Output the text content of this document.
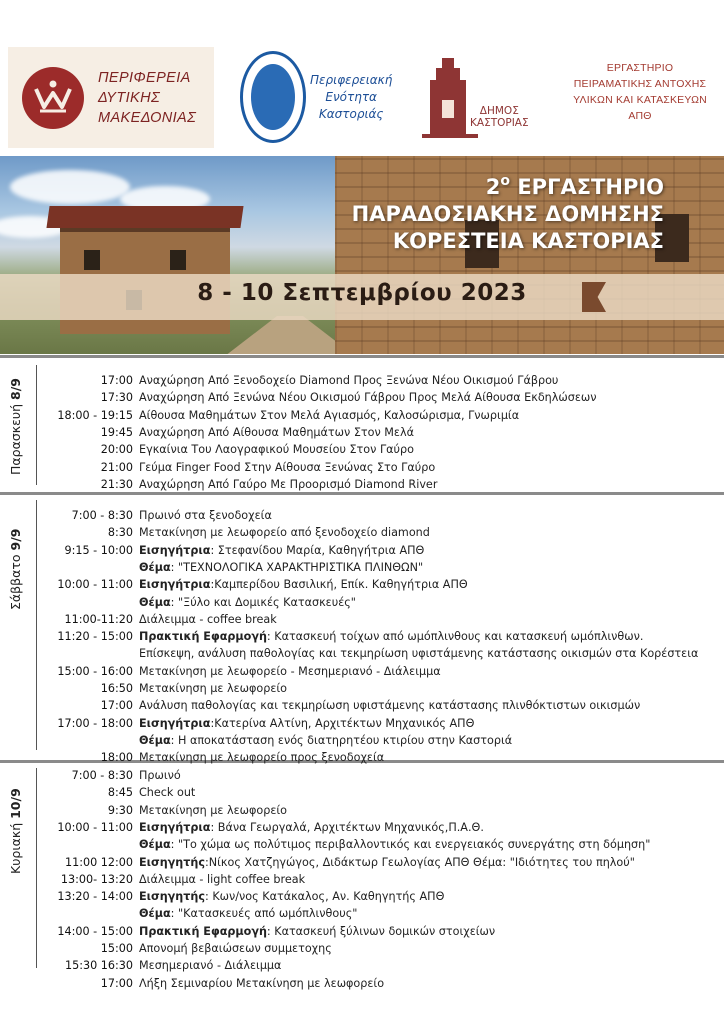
ΠΕΡΙΦΕΡΕΙΑ
ΔΥΤΙΚΗΣ
ΜΑΚΕΔΟΝΙΑΣ
Περιφερειακή
Ενότητα
Καστοριάς	ΔΗΜΟΣ
ΚΑΣΤΟΡΙΑΣ
ΕΡΓΑΣΤΗΡΙΟ
ΠΕΙΡΑΜΑΤΙΚΗΣ ΑΝΤΟΧΗΣ
ΥΛΙΚΩΝ ΚΑΙ ΚΑΤΑΣΚΕΥΩΝ
ΑΠΘ
$2^o$ ΕΡΓΑΣΤΗΡΙΟ
ΠΑΡΑΔΟΣΙΑΚΗΣ ΔΟΜΗΣΗΣ
ΚΟΡΕΣΤΕΙΑ ΚΑΣΤΟΡΙΑΣ
8 - 10 Σεπτεμβρίου 2023
Παρασκευή 8/9	17:00 Αναχώρηση Από Ξενοδοχείο Diamond Προς Ξενώνα Νέου Οικισμού Γάβρου
17:30 Αναχώρηση Από Ξενώνα Νέου Οικισμού Γάβρου Προς Μελά Αίθουσα Εκδηλώσεων
18:00 - 19:15 Αίθουσα Μαθημάτων Στον Μελά Αγιασμός, Καλοσώρισμα, Γνωριμία
19:45 Αναχώρηση Από Αίθουσα Μαθημάτων Στον Μελά
20:00 Εγκαίνια Του Λαογραφικού Μουσείου Στον Γαύρο
21:00 Γεύμα Finger Food Στην Αίθουσα Ξενώνας Στο Γαύρο
21:30 Αναχώρηση Από Γαύρο Με Προορισμό Diamond River
Σάββατο 9/9
7:00 - 8:30 Πρωινό στα ξενοδοχεία
8:30 Μετακίνηση με λεωφορείο από ξενοδοχείο diamond
9:15 - 10:00 Εισηγήτρια: Στεφανίδου Μαρία, Καθηγήτρια ΑΠΘ
Θέμα: "ΤΕΧΝΟΛΟΓΙΚΑ ΧΑΡΑΚΤΗΡΙΣΤΙΚΑ ΠΛΙΝΘΩΝ"
10:00 - 11:00 Εισηγήτρια:Καμπερίδου Βασιλική, Επίκ. Καθηγήτρια ΑΠΘ
Θέμα: "Ξύλο και Δομικές Κατασκευές"
11:00-11:20 Διάλειμμα - coffee break
11:20 - 15:00 Πρακτική Εφαρμογή: Κατασκευή τοίχων από ωμόπλινθους και κατασκευή ωμόπλινθων.
Επίσκεψη, ανάλυση παθολογίας και τεκμηρίωση υφιστάμενης κατάστασης οικισμών στα Κορέστεια
15:00 - 16:00 Μετακίνηση με λεωφορείο - Μεσημεριανό - Διάλειμμα
16:50 Μετακίνηση με λεωφορείο
17:00 Ανάλυση παθολογίας και τεκμηρίωση υφιστάμενης κατάστασης πλινθόκτιστων οικισμών
17:00 - 18:00 Εισηγήτρια:Κατερίνα Αλτίνη, Αρχιτέκτων Μηχανικός ΑΠΘ
Θέμα: Η αποκατάσταση ενός διατηρητέου κτιρίου στην Καστοριά
18:00 Μετακίνηση με λεωφορείο προς ξενοδοχεία
Κυριακή 10/9
7:00 - 8:30 Πρωινό
8:45 Check out
9:30 Μετακίνηση με λεωφορείο
10:00 - 11:00 Εισηγήτρια: Βάνα Γεωργαλά, Αρχιτέκτων Μηχανικός,Π.Α.Θ.
Θέμα: "Το χώμα ως πολύτιμος περιβαλλοντικός και ενεργειακός συνεργάτης στη δόμηση"
11:00 12:00 Εισηγητής:Νίκος Χατζηγώγος, Διδάκτωρ Γεωλογίας ΑΠΘ Θέμα: "Ιδιότητες του πηλού"
13:00- 13:20 Διάλειμμα - light coffee break
13:20 - 14:00 Εισηγητής: Κων/νος Κατάκαλος, Αν. Καθηγητής ΑΠΘ
Θέμα: "Κατασκευές από ωμόπλινθους"
14:00 - 15:00 Πρακτική Εφαρμογή: Κατασκευή ξύλινων δομικών στοιχείων
15:00 Απονομή βεβαιώσεων συμμετοχης
15:30 16:30 Μεσημεριανό - Διάλειμμα
17:00 Λήξη Σεμιναρίου Μετακίνηση με λεωφορείο
